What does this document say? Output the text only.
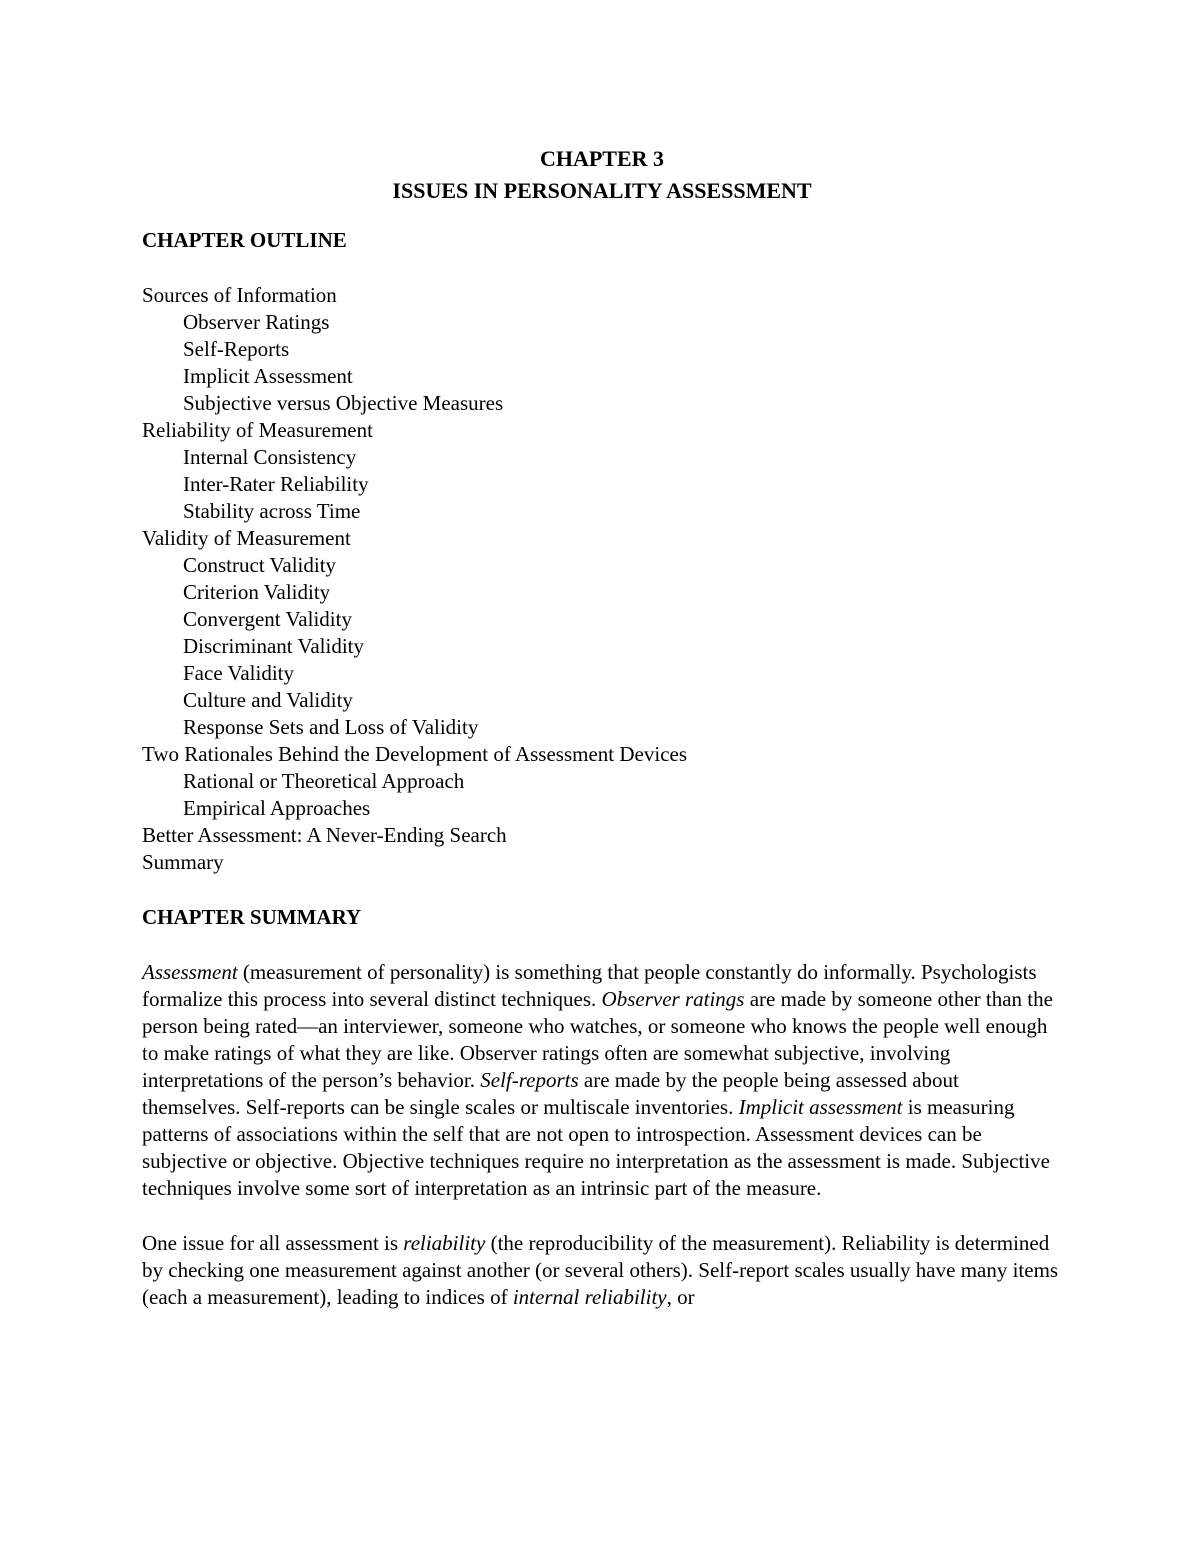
CHAPTER 3
ISSUES IN PERSONALITY ASSESSMENT
CHAPTER OUTLINE
Sources of Information
Observer Ratings
Self-Reports
Implicit Assessment
Subjective versus Objective Measures
Reliability of Measurement
Internal Consistency
Inter-Rater Reliability
Stability across Time
Validity of Measurement
Construct Validity
Criterion Validity
Convergent Validity
Discriminant Validity
Face Validity
Culture and Validity
Response Sets and Loss of Validity
Two Rationales Behind the Development of Assessment Devices
Rational or Theoretical Approach
Empirical Approaches
Better Assessment: A Never-Ending Search
Summary
CHAPTER SUMMARY

Assessment (measurement of personality) is something that people constantly do informally. Psychologists formalize this process into several distinct techniques. Observer ratings are made by someone other than the person being rated—an interviewer, someone who watches, or someone who knows the people well enough to make ratings of what they are like. Observer ratings often are somewhat subjective, involving interpretations of the person’s behavior. Self-reports are made by the people being assessed about themselves. Self-reports can be single scales or multiscale inventories. Implicit assessment is measuring patterns of associations within the self that are not open to introspection. Assessment devices can be subjective or objective. Objective techniques require no interpretation as the assessment is made. Subjective techniques involve some sort of interpretation as an intrinsic part of the measure.

One issue for all assessment is reliability (the reproducibility of the measurement). Reliability is determined by checking one measurement against another (or several others). Self-report scales usually have many items (each a measurement), leading to indices of internal reliability, or
